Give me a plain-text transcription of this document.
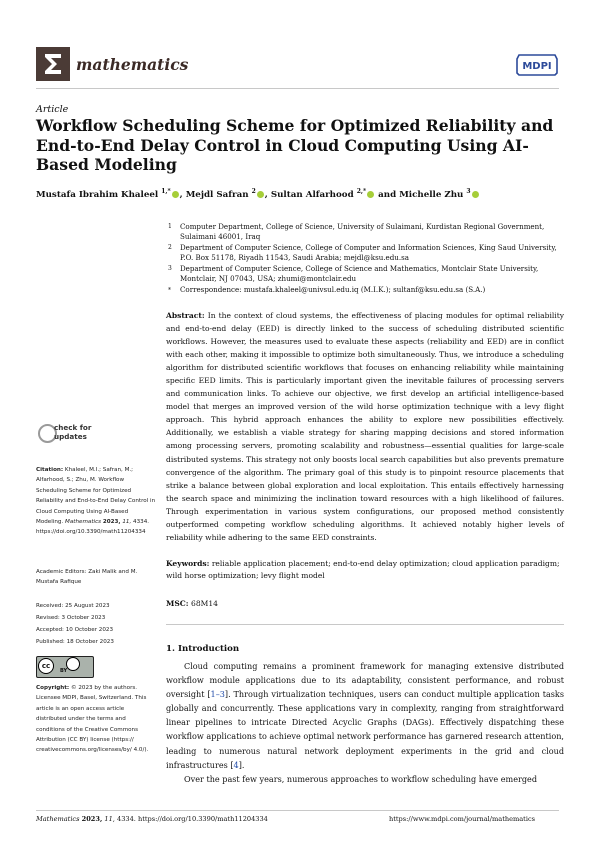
mathematics	MDPI
Article
Workflow Scheduling Scheme for Optimized Reliability and End-to-End Delay Control in Cloud Computing Using AI-Based Modeling
Mustafa Ibrahim Khaleel $^{1,*}$ , Mejdl Safran $^2$ , Sultan Alfarhood $^{2,*}$ and Michelle Zhu $^3$
1 Computer Department, College of Science, University of Sulaimani, Kurdistan Regional Government, Sulaimani 46001, Iraq
2 Department of Computer Science, College of Computer and Information Sciences, King Saud University, P.O. Box 51178, Riyadh 11543, Saudi Arabia; mejdl@ksu.edu.sa
3 Department of Computer Science, College of Science and Mathematics, Montclair State University, Montclair, NJ 07043, USA; zhumi@montclair.edu
* Correspondence: mustafa.khaleel@univsul.edu.iq (M.I.K.); sultanf@ksu.edu.sa (S.A.)
Abstract: In the context of cloud systems, the effectiveness of placing modules for optimal reliability and end-to-end delay (EED) is directly linked to the success of scheduling distributed scientific workflows. However, the measures used to evaluate these aspects (reliability and EED) are in conflict with each other, making it impossible to optimize both simultaneously. Thus, we introduce a scheduling algorithm for distributed scientific workflows that focuses on enhancing reliability while maintaining specific EED limits. This is particularly important given the inevitable failures of processing servers and communication links. To achieve our objective, we first develop an artificial intelligence-based model that merges an improved version of the wild horse optimization technique with a levy flight approach. This hybrid approach enhances the ability to explore new possibilities effectively. Additionally, we establish a viable strategy for sharing mapping decisions and stored information among processing servers, promoting scalability and robustness—essential qualities for large-scale distributed systems. This strategy not only boosts local search capabilities but also prevents premature convergence of the algorithm. The primary goal of this study is to pinpoint resource placements that strike a balance between global exploration and local exploitation. This entails effectively harnessing the search space and minimizing the inclination toward resources with a high likelihood of failures. Through experimentation in various system configurations, our proposed method consistently outperformed competing workflow scheduling algorithms. It achieved notably higher levels of reliability while adhering to the same EED constraints.
Keywords: reliable application placement; end-to-end delay optimization; cloud application paradigm; wild horse optimization; levy flight model
MSC: 68M14
check for
updates
Citation: Khaleel, M.I.; Safran, M.; Alfarhood, S.; Zhu, M. Workflow Scheduling Scheme for Optimized Reliability and End-to-End Delay Control in Cloud Computing Using AI-Based Modeling. Mathematics 2023, 11, 4334. https://doi.org/10.3390/math11204334
Academic Editors: Zaki Malik and M. Mustafa Rafique
Received: 25 August 2023
Revised: 3 October 2023
Accepted: 10 October 2023
Published: 18 October 2023
cc
BY
Copyright: © 2023 by the authors. Licensee MDPI, Basel, Switzerland. This article is an open access article distributed under the terms and conditions of the Creative Commons Attribution (CC BY) license (https:// creativecommons.org/licenses/by/ 4.0/).
1. Introduction

Cloud computing remains a prominent framework for managing extensive distributed workflow module applications due to its adaptability, consistent performance, and robust oversight [1–3]. Through virtualization techniques, users can conduct multiple application tasks globally and concurrently. These applications vary in complexity, ranging from straightforward linear pipelines to intricate Directed Acyclic Graphs (DAGs). Effectively dispatching these workflow applications to achieve optimal network performance has garnered research attention, leading to numerous natural network deployment experiments in the grid and cloud infrastructures [4].

Over the past few years, numerous approaches to workflow scheduling have emerged

Mathematics 2023, 11, 4334. https://doi.org/10.3390/math11204334	https://www.mdpi.com/journal/mathematics
